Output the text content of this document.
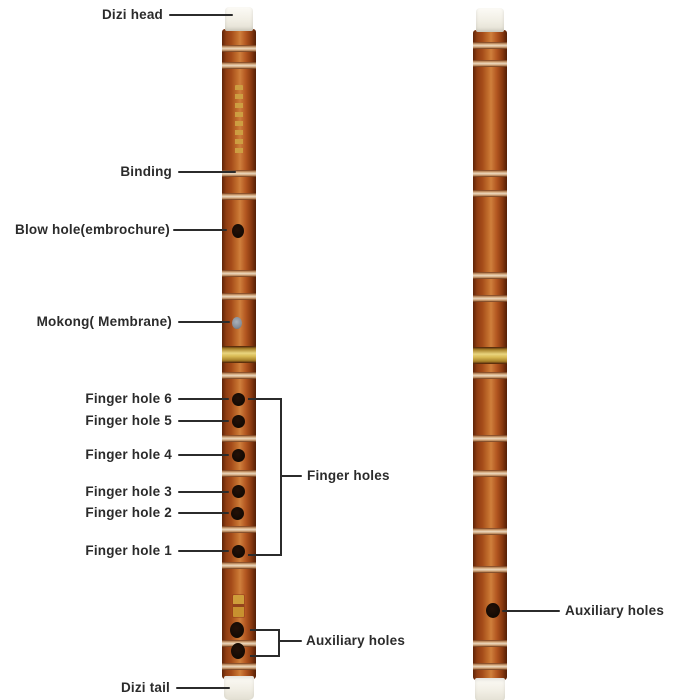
Dizi head
Binding
Blow hole(embrochure)
Mokong( Membrane)
Finger hole 6
Finger hole 5
Finger hole 4
Finger hole 3
Finger hole 2
Finger hole 1
Finger holes
Auxiliary holes
Dizi tail
Auxiliary holes
